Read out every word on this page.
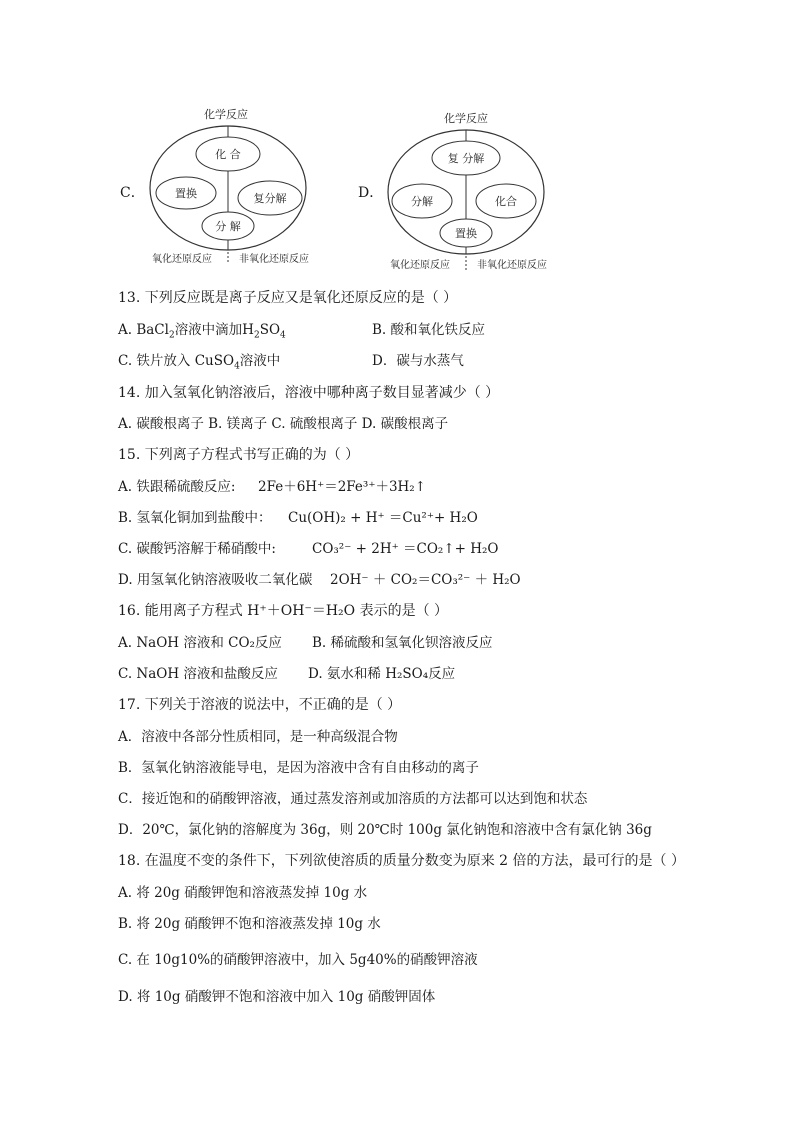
C．
化学反应
化 合
置换	复分解
分 解
氧化还原反应	非氧化还原反应
D．
化学反应
复 分解
分解	化合
置换
氧化还原反应	非氧化还原反应
13. 下列反应既是离子反应又是氧化还原反应的是（ ）
A. BaCl$_2$溶液中滴加$H_2SO_4$	B. 酸和氧化铁反应
C. 铁片放入 CuSO$_4$溶液中	D．碳与水蒸气
14. 加入氢氧化钠溶液后，溶液中哪种离子数目显著减少（ ）
A. 碳酸根离子 B. 镁离子 C. 硫酸根离子 D. 碳酸根离子
15. 下列离子方程式书写正确的为（ ）
A. 铁跟稀硫酸反应: 2Fe＋6H⁺＝2Fe³⁺＋3H₂↑
B. 氢氧化铜加到盐酸中： Cu(OH)₂ + H⁺ ＝Cu²⁺+ H₂O
C. 碳酸钙溶解于稀硝酸中:	CO₃²⁻ + 2H⁺ ＝CO₂↑+ H₂O
D. 用氢氧化钠溶液吸收二氧化碳 2OH⁻ ＋ CO₂＝CO₃²⁻ ＋ H₂O
16. 能用离子方程式 H⁺＋OH⁻＝H₂O 表示的是（ ）
A. NaOH 溶液和 CO₂反应 B. 稀硫酸和氢氧化钡溶液反应
C. NaOH 溶液和盐酸反应 D. 氨水和稀 H₂SO₄反应
17. 下列关于溶液的说法中，不正确的是（ ）
A．溶液中各部分性质相同，是一种高级混合物
B．氢氧化钠溶液能导电，是因为溶液中含有自由移动的离子
C．接近饱和的硝酸钾溶液，通过蒸发溶剂或加溶质的方法都可以达到饱和状态
D．20℃，氯化钠的溶解度为 36g，则 20℃时 100g 氯化钠饱和溶液中含有氯化钠 36g
18. 在温度不变的条件下，下列欲使溶质的质量分数变为原来 2 倍的方法，最可行的是（ ）
A. 将 20g 硝酸钾饱和溶液蒸发掉 10g 水
B. 将 20g 硝酸钾不饱和溶液蒸发掉 10g 水
C. 在 10g10%的硝酸钾溶液中，加入 5g40%的硝酸钾溶液
D. 将 10g 硝酸钾不饱和溶液中加入 10g 硝酸钾固体
